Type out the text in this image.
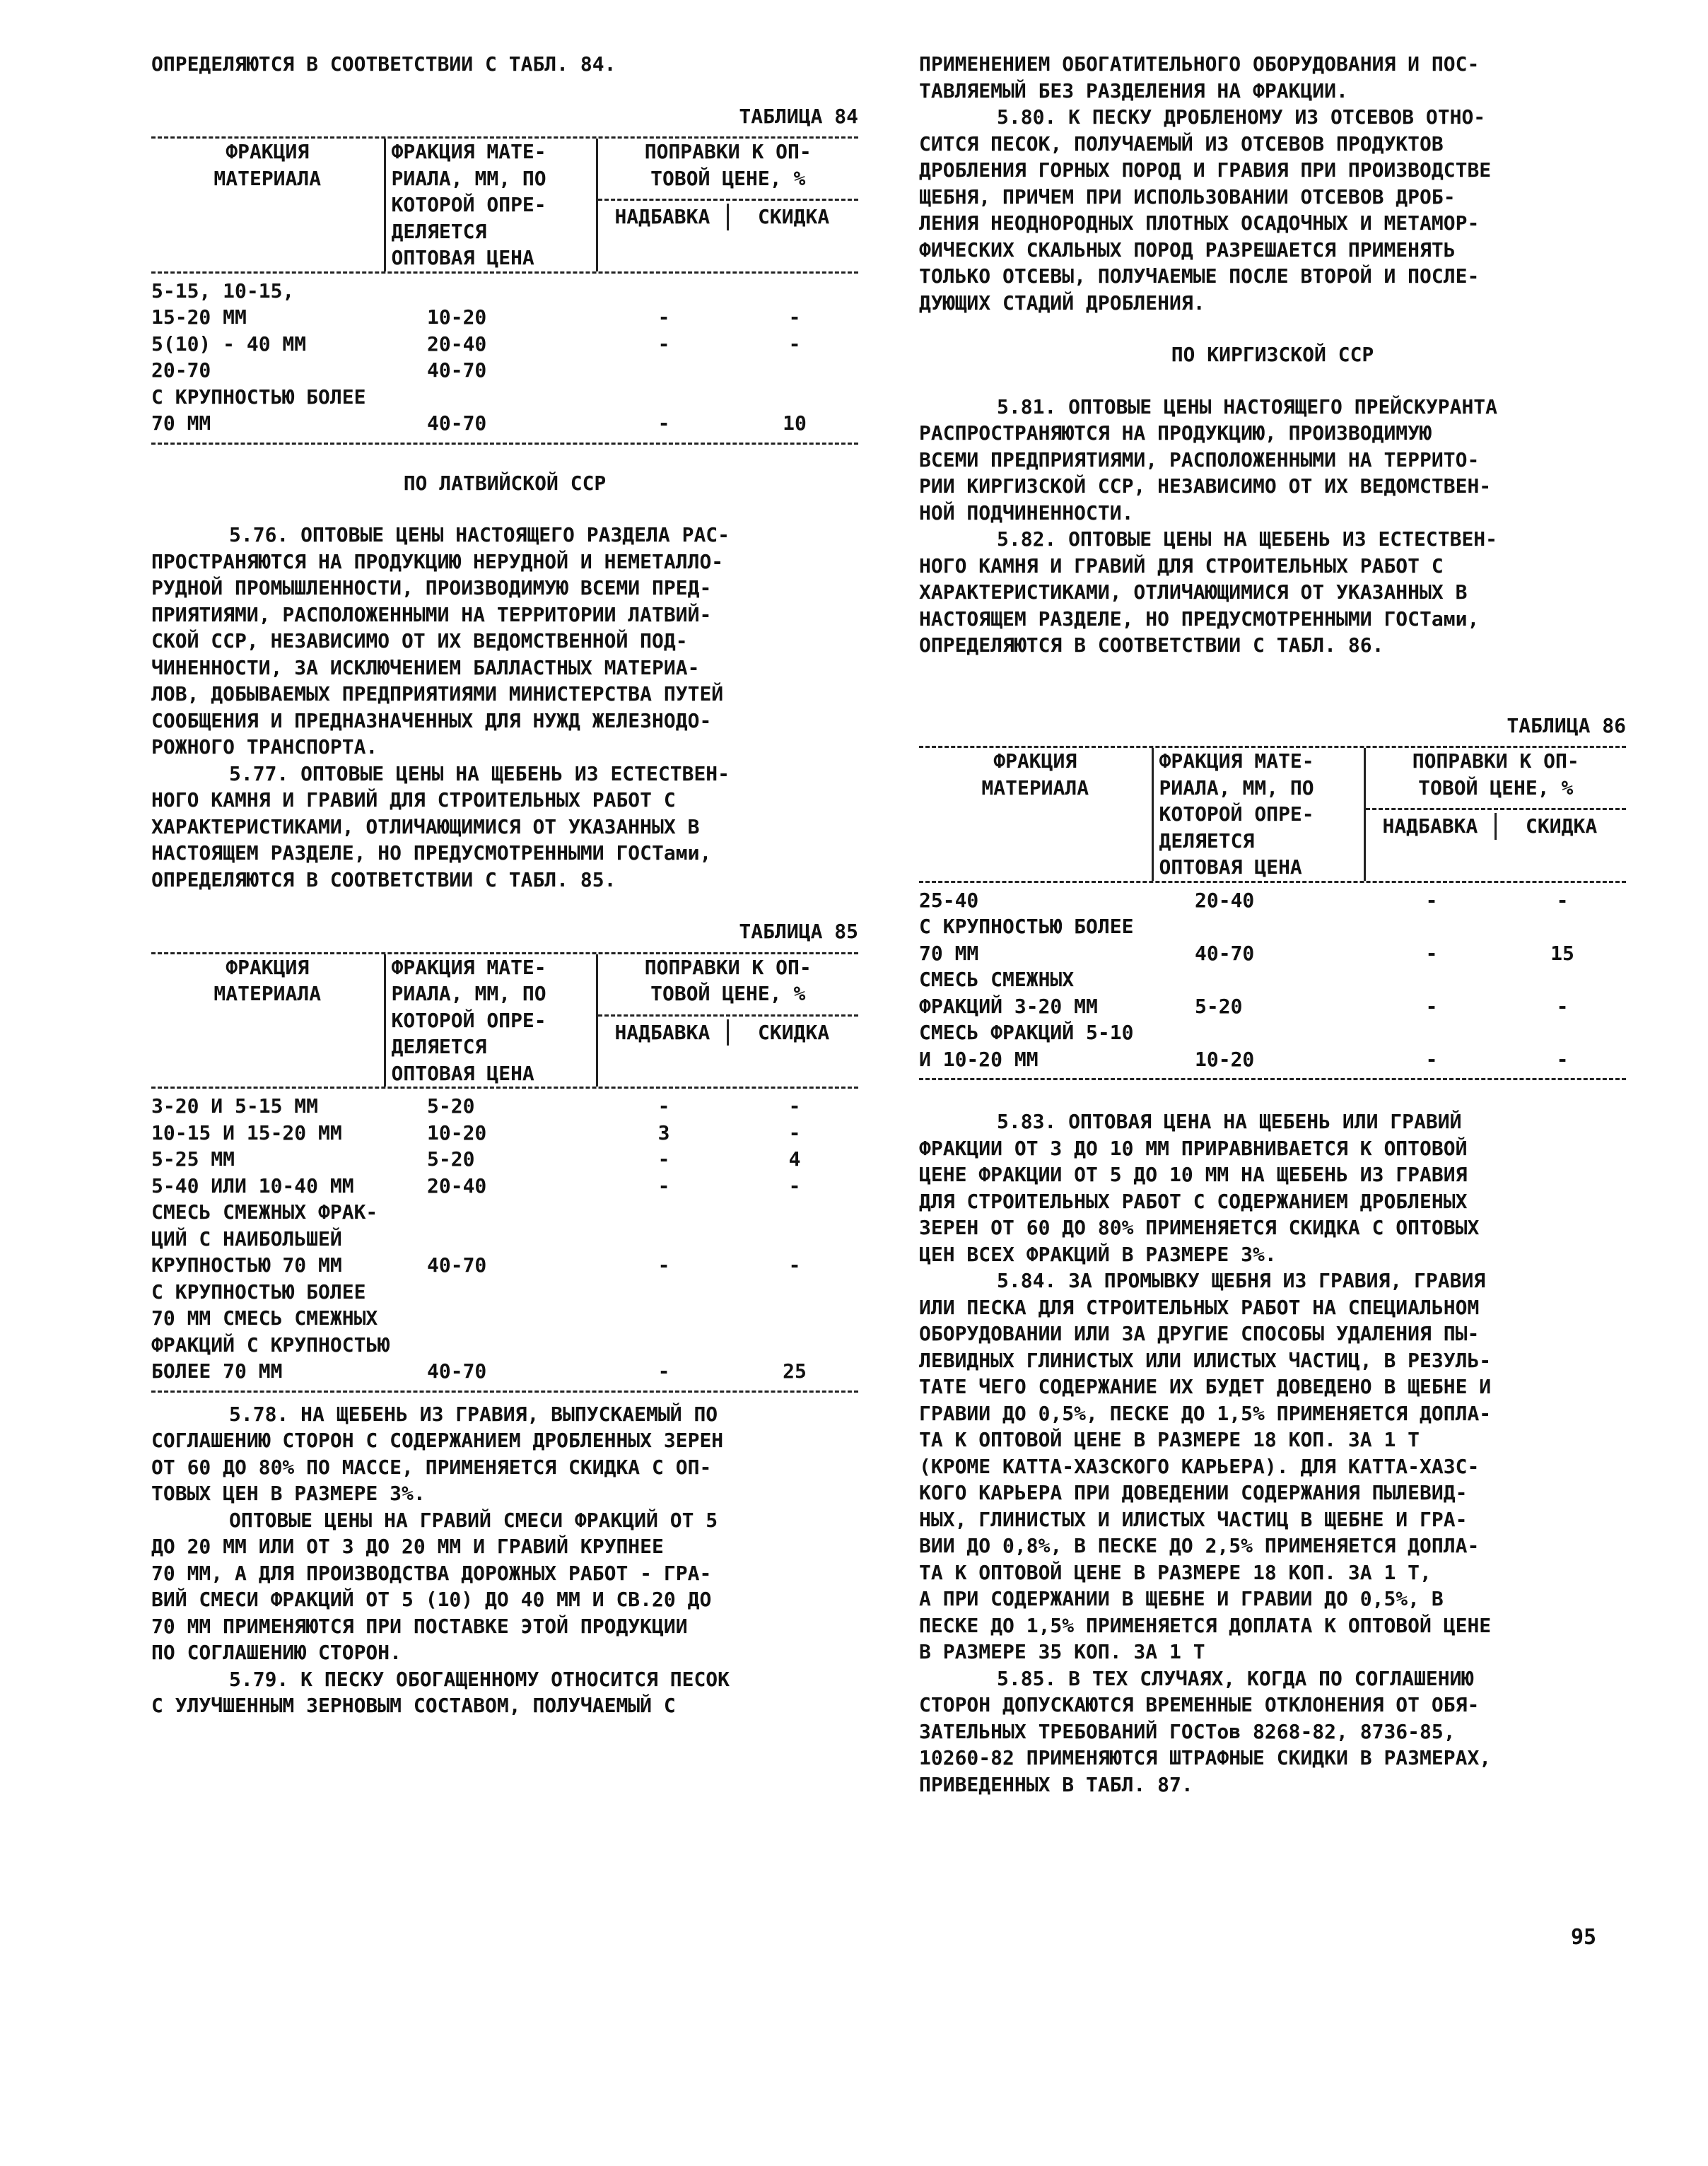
ОПРЕДЕЛЯЮТСЯ В СООТВЕТСТВИИ С ТАБЛ. 84.

ТАБЛИЦА 84

ФРАКЦИЯ
МАТЕРИАЛА	ФРАКЦИЯ МАТЕ-
РИАЛА, ММ, ПО
КОТОРОЙ ОПРЕ-
ДЕЛЯЕТСЯ
ОПТОВАЯ ЦЕНА	
ПОПРАВКИ К ОП-
ТОВОЙ ЦЕНЕ, %
НАДБАВКА	СКИДКА
5-15, 10-15,			
15-20 ММ	10-20	-	-
5(10) - 40 ММ	20-40	-	-
20-70	40-70		
С КРУПНОСТЬЮ БОЛЕЕ			
70 ММ	40-70	-	10

ПО ЛАТВИЙСКОЙ ССР

5.76. ОПТОВЫЕ ЦЕНЫ НАСТОЯЩЕГО РАЗДЕЛА РАС-
ПРОСТРАНЯЮТСЯ НА ПРОДУКЦИЮ НЕРУДНОЙ И НЕМЕТАЛЛО-
РУДНОЙ ПРОМЫШЛЕННОСТИ, ПРОИЗВОДИМУЮ ВСЕМИ ПРЕД-
ПРИЯТИЯМИ, РАСПОЛОЖЕННЫМИ НА ТЕРРИТОРИИ ЛАТВИЙ-
СКОЙ ССР, НЕЗАВИСИМО ОТ ИХ ВЕДОМСТВЕННОЙ ПОД-
ЧИНЕННОСТИ, ЗА ИСКЛЮЧЕНИЕМ БАЛЛАСТНЫХ МАТЕРИА-
ЛОВ, ДОБЫВАЕМЫХ ПРЕДПРИЯТИЯМИ МИНИСТЕРСТВА ПУТЕЙ
СООБЩЕНИЯ И ПРЕДНАЗНАЧЕННЫХ ДЛЯ НУЖД ЖЕЛЕЗНОДО-
РОЖНОГО ТРАНСПОРТА.

5.77. ОПТОВЫЕ ЦЕНЫ НА ЩЕБЕНЬ ИЗ ЕСТЕСТВЕН-
НОГО КАМНЯ И ГРАВИЙ ДЛЯ СТРОИТЕЛЬНЫХ РАБОТ С
ХАРАКТЕРИСТИКАМИ, ОТЛИЧАЮЩИМИСЯ ОТ УКАЗАННЫХ В
НАСТОЯЩЕМ РАЗДЕЛЕ, НО ПРЕДУСМОТРЕННЫМИ ГОСТами,
ОПРЕДЕЛЯЮТСЯ В СООТВЕТСТВИИ С ТАБЛ. 85.

ТАБЛИЦА 85

ФРАКЦИЯ
МАТЕРИАЛА	ФРАКЦИЯ МАТЕ-
РИАЛА, ММ, ПО
КОТОРОЙ ОПРЕ-
ДЕЛЯЕТСЯ
ОПТОВАЯ ЦЕНА	
ПОПРАВКИ К ОП-
ТОВОЙ ЦЕНЕ, %
НАДБАВКА	СКИДКА
3-20 И 5-15 ММ	5-20	-	-
10-15 И 15-20 ММ	10-20	3	-
5-25 ММ	5-20	-	4
5-40 ИЛИ 10-40 ММ	20-40	-	-
СМЕСЬ СМЕЖНЫХ ФРАК-			
ЦИЙ С НАИБОЛЬШЕЙ			
КРУПНОСТЬЮ 70 ММ	40-70	-	-
С КРУПНОСТЬЮ БОЛЕЕ			
70 ММ СМЕСЬ СМЕЖНЫХ			
ФРАКЦИЙ С КРУПНОСТЬЮ			
БОЛЕЕ 70 ММ	40-70	-	25

5.78. НА ЩЕБЕНЬ ИЗ ГРАВИЯ, ВЫПУСКАЕМЫЙ ПО
СОГЛАШЕНИЮ СТОРОН С СОДЕРЖАНИЕМ ДРОБЛЕННЫХ ЗЕРЕН
ОТ 60 ДО 80% ПО МАССЕ, ПРИМЕНЯЕТСЯ СКИДКА С ОП-
ТОВЫХ ЦЕН В РАЗМЕРЕ 3%.

ОПТОВЫЕ ЦЕНЫ НА ГРАВИЙ СМЕСИ ФРАКЦИЙ ОТ 5
ДО 20 ММ ИЛИ ОТ 3 ДО 20 ММ И ГРАВИЙ КРУПНЕЕ
70 ММ, А ДЛЯ ПРОИЗВОДСТВА ДОРОЖНЫХ РАБОТ - ГРА-
ВИЙ СМЕСИ ФРАКЦИЙ ОТ 5 (10) ДО 40 ММ И СВ.20 ДО
70 ММ ПРИМЕНЯЮТСЯ ПРИ ПОСТАВКЕ ЭТОЙ ПРОДУКЦИИ
ПО СОГЛАШЕНИЮ СТОРОН.

5.79. К ПЕСКУ ОБОГАЩЕННОМУ ОТНОСИТСЯ ПЕСОК
С УЛУЧШЕННЫМ ЗЕРНОВЫМ СОСТАВОМ, ПОЛУЧАЕМЫЙ С

ПРИМЕНЕНИЕМ ОБОГАТИТЕЛЬНОГО ОБОРУДОВАНИЯ И ПОС-
ТАВЛЯЕМЫЙ БЕЗ РАЗДЕЛЕНИЯ НА ФРАКЦИИ.

5.80. К ПЕСКУ ДРОБЛЕНОМУ ИЗ ОТСЕВОВ ОТНО-
СИТСЯ ПЕСОК, ПОЛУЧАЕМЫЙ ИЗ ОТСЕВОВ ПРОДУКТОВ
ДРОБЛЕНИЯ ГОРНЫХ ПОРОД И ГРАВИЯ ПРИ ПРОИЗВОДСТВЕ
ЩЕБНЯ, ПРИЧЕМ ПРИ ИСПОЛЬЗОВАНИИ ОТСЕВОВ ДРОБ-
ЛЕНИЯ НЕОДНОРОДНЫХ ПЛОТНЫХ ОСАДОЧНЫХ И МЕТАМОР-
ФИЧЕСКИХ СКАЛЬНЫХ ПОРОД РАЗРЕШАЕТСЯ ПРИМЕНЯТЬ
ТОЛЬКО ОТСЕВЫ, ПОЛУЧАЕМЫЕ ПОСЛЕ ВТОРОЙ И ПОСЛЕ-
ДУЮЩИХ СТАДИЙ ДРОБЛЕНИЯ.

ПО КИРГИЗСКОЙ ССР

5.81. ОПТОВЫЕ ЦЕНЫ НАСТОЯЩЕГО ПРЕЙСКУРАНТА
РАСПРОСТРАНЯЮТСЯ НА ПРОДУКЦИЮ, ПРОИЗВОДИМУЮ
ВСЕМИ ПРЕДПРИЯТИЯМИ, РАСПОЛОЖЕННЫМИ НА ТЕРРИТО-
РИИ КИРГИЗСКОЙ ССР, НЕЗАВИСИМО ОТ ИХ ВЕДОМСТВЕН-
НОЙ ПОДЧИНЕННОСТИ.

5.82. ОПТОВЫЕ ЦЕНЫ НА ЩЕБЕНЬ ИЗ ЕСТЕСТВЕН-
НОГО КАМНЯ И ГРАВИЙ ДЛЯ СТРОИТЕЛЬНЫХ РАБОТ С
ХАРАКТЕРИСТИКАМИ, ОТЛИЧАЮЩИМИСЯ ОТ УКАЗАННЫХ В
НАСТОЯЩЕМ РАЗДЕЛЕ, НО ПРЕДУСМОТРЕННЫМИ ГОСТами,
ОПРЕДЕЛЯЮТСЯ В СООТВЕТСТВИИ С ТАБЛ. 86.

ТАБЛИЦА 86

ФРАКЦИЯ
МАТЕРИАЛА	ФРАКЦИЯ МАТЕ-
РИАЛА, ММ, ПО
КОТОРОЙ ОПРЕ-
ДЕЛЯЕТСЯ
ОПТОВАЯ ЦЕНА	
ПОПРАВКИ К ОП-
ТОВОЙ ЦЕНЕ, %
НАДБАВКА	СКИДКА
25-40	20-40	-	-
С КРУПНОСТЬЮ БОЛЕЕ			
70 ММ	40-70	-	15
СМЕСЬ СМЕЖНЫХ			
ФРАКЦИЙ 3-20 ММ	5-20	-	-
СМЕСЬ ФРАКЦИЙ 5-10			
И 10-20 ММ	10-20	-	-

5.83. ОПТОВАЯ ЦЕНА НА ЩЕБЕНЬ ИЛИ ГРАВИЙ
ФРАКЦИИ ОТ 3 ДО 10 ММ ПРИРАВНИВАЕТСЯ К ОПТОВОЙ
ЦЕНЕ ФРАКЦИИ ОТ 5 ДО 10 ММ НА ЩЕБЕНЬ ИЗ ГРАВИЯ
ДЛЯ СТРОИТЕЛЬНЫХ РАБОТ С СОДЕРЖАНИЕМ ДРОБЛЕНЫХ
ЗЕРЕН ОТ 60 ДО 80% ПРИМЕНЯЕТСЯ СКИДКА С ОПТОВЫХ
ЦЕН ВСЕХ ФРАКЦИЙ В РАЗМЕРЕ 3%.

5.84. ЗА ПРОМЫВКУ ЩЕБНЯ ИЗ ГРАВИЯ, ГРАВИЯ
ИЛИ ПЕСКА ДЛЯ СТРОИТЕЛЬНЫХ РАБОТ НА СПЕЦИАЛЬНОМ
ОБОРУДОВАНИИ ИЛИ ЗА ДРУГИЕ СПОСОБЫ УДАЛЕНИЯ ПЫ-
ЛЕВИДНЫХ ГЛИНИСТЫХ ИЛИ ИЛИСТЫХ ЧАСТИЦ, В РЕЗУЛЬ-
ТАТЕ ЧЕГО СОДЕРЖАНИЕ ИХ БУДЕТ ДОВЕДЕНО В ЩЕБНЕ И
ГРАВИИ ДО 0,5%, ПЕСКЕ ДО 1,5% ПРИМЕНЯЕТСЯ ДОПЛА-
ТА К ОПТОВОЙ ЦЕНЕ В РАЗМЕРЕ 18 КОП. ЗА 1 Т
(КРОМЕ КАТТА-ХАЗСКОГО КАРЬЕРА). ДЛЯ КАТТА-ХАЗС-
КОГО КАРЬЕРА ПРИ ДОВЕДЕНИИ СОДЕРЖАНИЯ ПЫЛЕВИД-
НЫХ, ГЛИНИСТЫХ И ИЛИСТЫХ ЧАСТИЦ В ЩЕБНЕ И ГРА-
ВИИ ДО 0,8%, В ПЕСКЕ ДО 2,5% ПРИМЕНЯЕТСЯ ДОПЛА-
ТА К ОПТОВОЙ ЦЕНЕ В РАЗМЕРЕ 18 КОП. ЗА 1 Т,
А ПРИ СОДЕРЖАНИИ В ЩЕБНЕ И ГРАВИИ ДО 0,5%, В
ПЕСКЕ ДО 1,5% ПРИМЕНЯЕТСЯ ДОПЛАТА К ОПТОВОЙ ЦЕНЕ
В РАЗМЕРЕ 35 КОП. ЗА 1 Т

5.85. В ТЕХ СЛУЧАЯХ, КОГДА ПО СОГЛАШЕНИЮ
СТОРОН ДОПУСКАЮТСЯ ВРЕМЕННЫЕ ОТКЛОНЕНИЯ ОТ ОБЯ-
ЗАТЕЛЬНЫХ ТРЕБОВАНИЙ ГОСТов 8268-82, 8736-85,
10260-82 ПРИМЕНЯЮТСЯ ШТРАФНЫЕ СКИДКИ В РАЗМЕРАХ,
ПРИВЕДЕННЫХ В ТАБЛ. 87.

95
